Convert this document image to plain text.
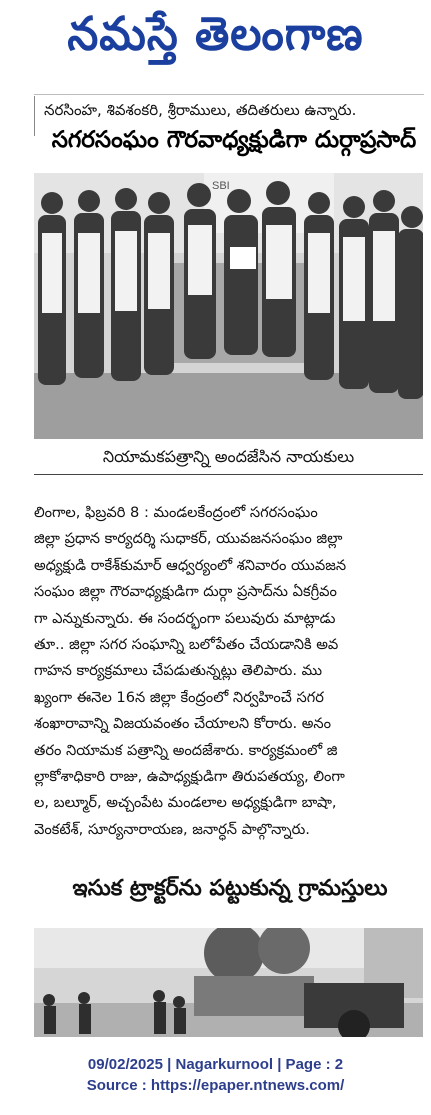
నమస్తే తెలంగాణ
నరసింహ, శివశంకరి, శ్రీరాములు, తదితరులు ఉన్నారు.
సగరసంఘం గౌరవాధ్యక్షుడిగా దుర్గాప్రసాద్
SBI
నియామకపత్రాన్ని అందజేసిన నాయకులు
లింగాల, ఫిబ్రవరి 8 : మండలకేంద్రంలో సగరసంఘం
జిల్లా ప్రధాన కార్యదర్శి సుధాకర్, యువజనసంఘం జిల్లా
అధ్యక్షుడి రాకేశ్‌కుమార్ ఆధ్వర్యంలో శనివారం యువజన
సంఘం జిల్లా గౌరవాధ్యక్షుడిగా దుర్గా ప్రసాద్‌ను ఏకగ్రీవం
గా ఎన్నుకున్నారు. ఈ సందర్భంగా పలువురు మాట్లాడు
తూ.. జిల్లా సగర సంఘాన్ని బలోపేతం చేయడానికి అవ
గాహన కార్యక్రమాలు చేపడుతున్నట్లు తెలిపారు. ము
ఖ్యంగా ఈనెల 16న జిల్లా కేంద్రంలో నిర్వహించే సగర
శంఖారావాన్ని విజయవంతం చేయాలని కోరారు. అనం
తరం నియామక పత్రాన్ని అందజేశారు. కార్యక్రమంలో జి
ల్లాకోశాధికారి రాజు, ఉపాధ్యక్షుడిగా తిరుపతయ్య, లింగా
ల, బల్మూర్, అచ్చంపేట మండలాల అధ్యక్షుడిగా బాషా,
వెంకటేశ్, సూర్యనారాయణ, జనార్ధన్ పాల్గొన్నారు.
ఇసుక ట్రాక్టర్‌ను పట్టుకున్న గ్రామస్తులు
09/02/2025 | Nagarkurnool | Page : 2
Source : https://epaper.ntnews.com/
